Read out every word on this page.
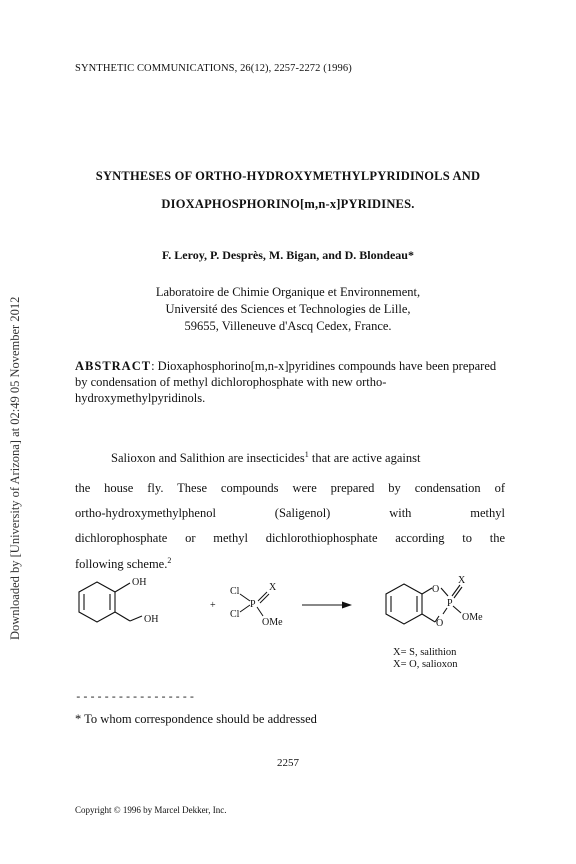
Downloaded by [University of Arizona] at 02:49 05 November 2012
SYNTHETIC COMMUNICATIONS, 26(12), 2257-2272 (1996)
SYNTHESES OF ORTHO-HYDROXYMETHYLPYRIDINOLS AND
DIOXAPHOSPHORINO[m,n-x]PYRIDINES.
F. Leroy, P. Desprès, M. Bigan, and D. Blondeau*
Laboratoire de Chimie Organique et Environnement,
Université des Sciences et Technologies de Lille,
59655, Villeneuve d'Ascq Cedex, France.
ABSTRACT: Dioxaphosphorino[m,n-x]pyridines compounds have been prepared by condensation of methyl dichlorophosphate with new ortho-hydroxymethylpyridinols.
Salioxon and Salithion are insecticides$^1$ that are active against
the house fly. These compounds were prepared by condensation of
ortho-hydroxymethylphenol (Saligenol) with methyl
dichlorophosphate or methyl dichlorothiophosphate according to the
following scheme.$^2$
OH
OH
+
Cl
Cl
P
X
OMe
O
P
X
OMe
O
X= S, salithion
X= O, salioxon
-----------------
* To whom correspondence should be addressed
2257
Copyright © 1996 by Marcel Dekker, Inc.
